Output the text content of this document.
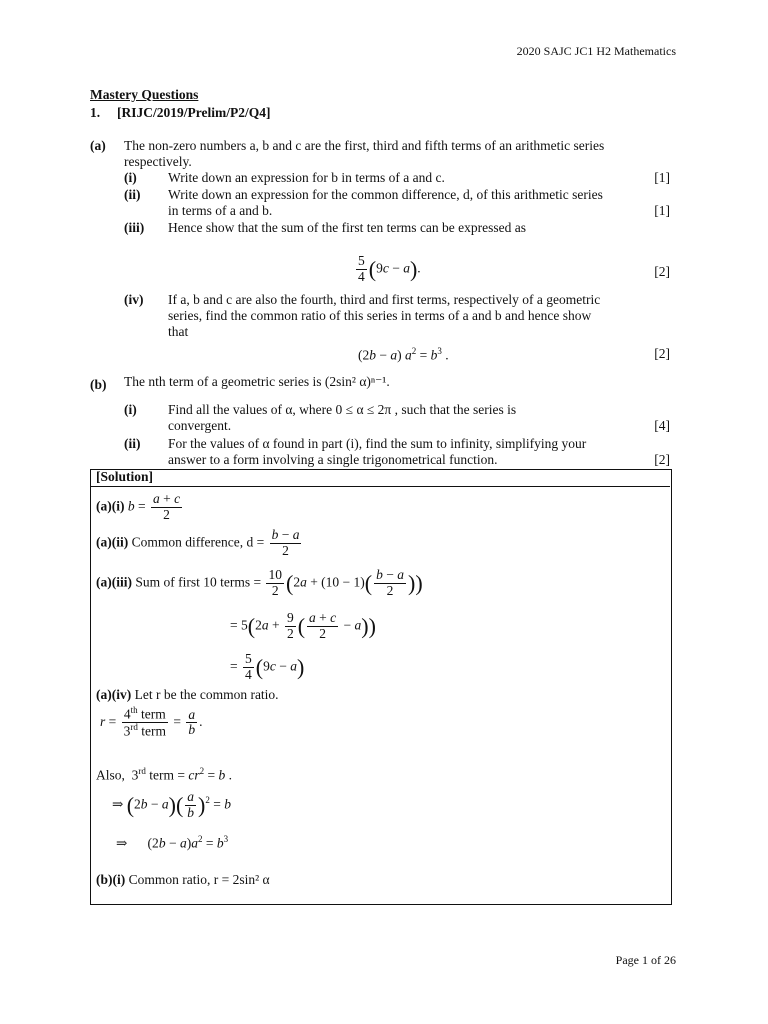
2020 SAJC JC1 H2 Mathematics
Mastery Questions
1. [RIJC/2019/Prelim/P2/Q4]
(a) The non-zero numbers a, b and c are the first, third and fifth terms of an arithmetic series
respectively.
(i) Write down an expression for b in terms of a and c.	[1]
(ii) Write down an expression for the common difference, d, of this arithmetic series
in terms of a and b.	[1]
(iii) Hence show that the sum of the first ten terms can be expressed as
$\frac{5}{4} (9c - a)$.	[2]
(iv) If a, b and c are also the fourth, third and first terms, respectively of a geometric
series, find the common ratio of this series in terms of a and b and hence show
that
(2b − a) $a^2 = b^3$ .	[2]
(b) The nth term of a geometric series is (2sin² α)ⁿ⁻¹.
(i) Find all the values of α, where 0 ≤ α ≤ 2π , such that the series is
convergent.	[4]
(ii) For the values of α found in part (i), find the sum to infinity, simplifying your
answer to a form involving a single trigonometrical function.	[2]
[Solution]
(a)(i) $b = \frac{a + c}{2}$
(a)(ii) Common difference, $d = \frac{b - a}{2}$
(a)(iii) Sum of first 10 terms = $\frac{10}{2} (2a + (10 - 1)( \frac{b - a}{2}$ ))
= $5(2a + \frac{9}{2}$ ( $\frac{a + c}{2} - a$))
= $\frac{5}{4} (9c - a)$
(a)(iv) Let r be the common ratio.
$r = \frac{4^{th} term}{3^{rd} term} = \frac{a}{b}$ .
Also,  3rd term = $cr^2 = b$ .
⇒ $(2b - a)( \frac{a}{b} )^2 = b$
⇒      $(2b - a)a^2 = b^3$
(b)(i) Common ratio, r = 2sin² α
Page 1 of 26
